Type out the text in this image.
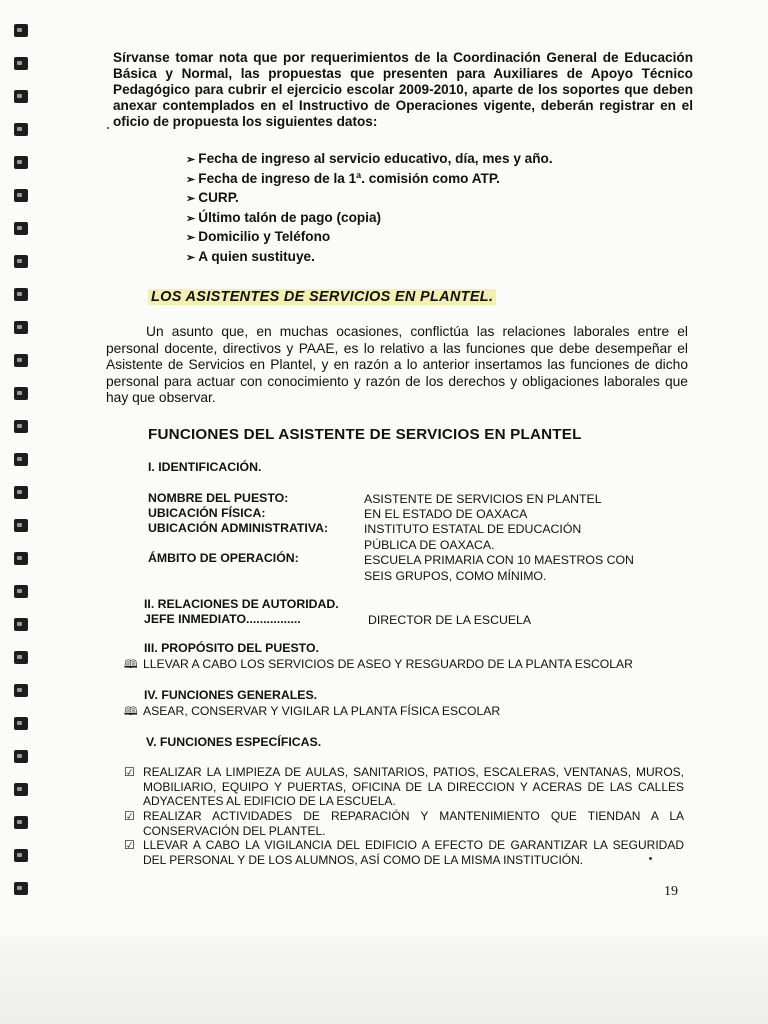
Sírvanse tomar nota que por requerimientos de la Coordinación General de Educación Básica y Normal, las propuestas que presenten para Auxiliares de Apoyo Técnico Pedagógico para cubrir el ejercicio escolar 2009-2010, aparte de los soportes que deben anexar contemplados en el Instructivo de Operaciones vigente, deberán registrar en el oficio de propuesta los siguientes datos:
➢ Fecha de ingreso al servicio educativo, día, mes y año.
➢ Fecha de ingreso de la 1ª. comisión como ATP.
➢ CURP.
➢ Último talón de pago (copia)
➢ Domicilio y Teléfono
➢ A quien sustituye.
LOS ASISTENTES DE SERVICIOS EN PLANTEL.
Un asunto que, en muchas ocasiones, conflictúa las relaciones laborales entre el personal docente, directivos y PAAE, es lo relativo a las funciones que debe desempeñar el Asistente de Servicios en Plantel, y en razón a lo anterior insertamos las funciones de dicho personal para actuar con conocimiento y razón de los derechos y obligaciones laborales que hay que observar.
FUNCIONES DEL ASISTENTE DE SERVICIOS EN PLANTEL
I. IDENTIFICACIÓN.
NOMBRE DEL PUESTO:	ASISTENTE DE SERVICIOS EN PLANTEL
UBICACIÓN FÍSICA:	EN EL ESTADO DE OAXACA
UBICACIÓN ADMINISTRATIVA:	INSTITUTO ESTATAL DE EDUCACIÓN PÚBLICA DE OAXACA.
ÁMBITO DE OPERACIÓN:	ESCUELA PRIMARIA CON 10 MAESTROS CON SEIS GRUPOS, COMO MÍNIMO.
II. RELACIONES DE AUTORIDAD.
JEFE INMEDIATO................	DIRECTOR DE LA ESCUELA
III. PROPÓSITO DEL PUESTO.
🕮 LLEVAR A CABO LOS SERVICIOS DE ASEO Y RESGUARDO DE LA PLANTA ESCOLAR
IV. FUNCIONES GENERALES.
🕮 ASEAR, CONSERVAR Y VIGILAR LA PLANTA FÍSICA ESCOLAR
V. FUNCIONES ESPECÍFICAS.
☑ REALIZAR LA LIMPIEZA DE AULAS, SANITARIOS, PATIOS, ESCALERAS, VENTANAS, MUROS, MOBILIARIO, EQUIPO Y PUERTAS, OFICINA DE LA DIRECCION Y ACERAS DE LAS CALLES ADYACENTES AL EDIFICIO DE LA ESCUELA.
☑ REALIZAR ACTIVIDADES DE REPARACIÓN Y MANTENIMIENTO QUE TIENDAN A LA CONSERVACIÓN DEL PLANTEL.
☑ LLEVAR A CABO LA VIGILANCIA DEL EDIFICIO A EFECTO DE GARANTIZAR LA SEGURIDAD DEL PERSONAL Y DE LOS ALUMNOS, ASÍ COMO DE LA MISMA INSTITUCIÓN.
19
